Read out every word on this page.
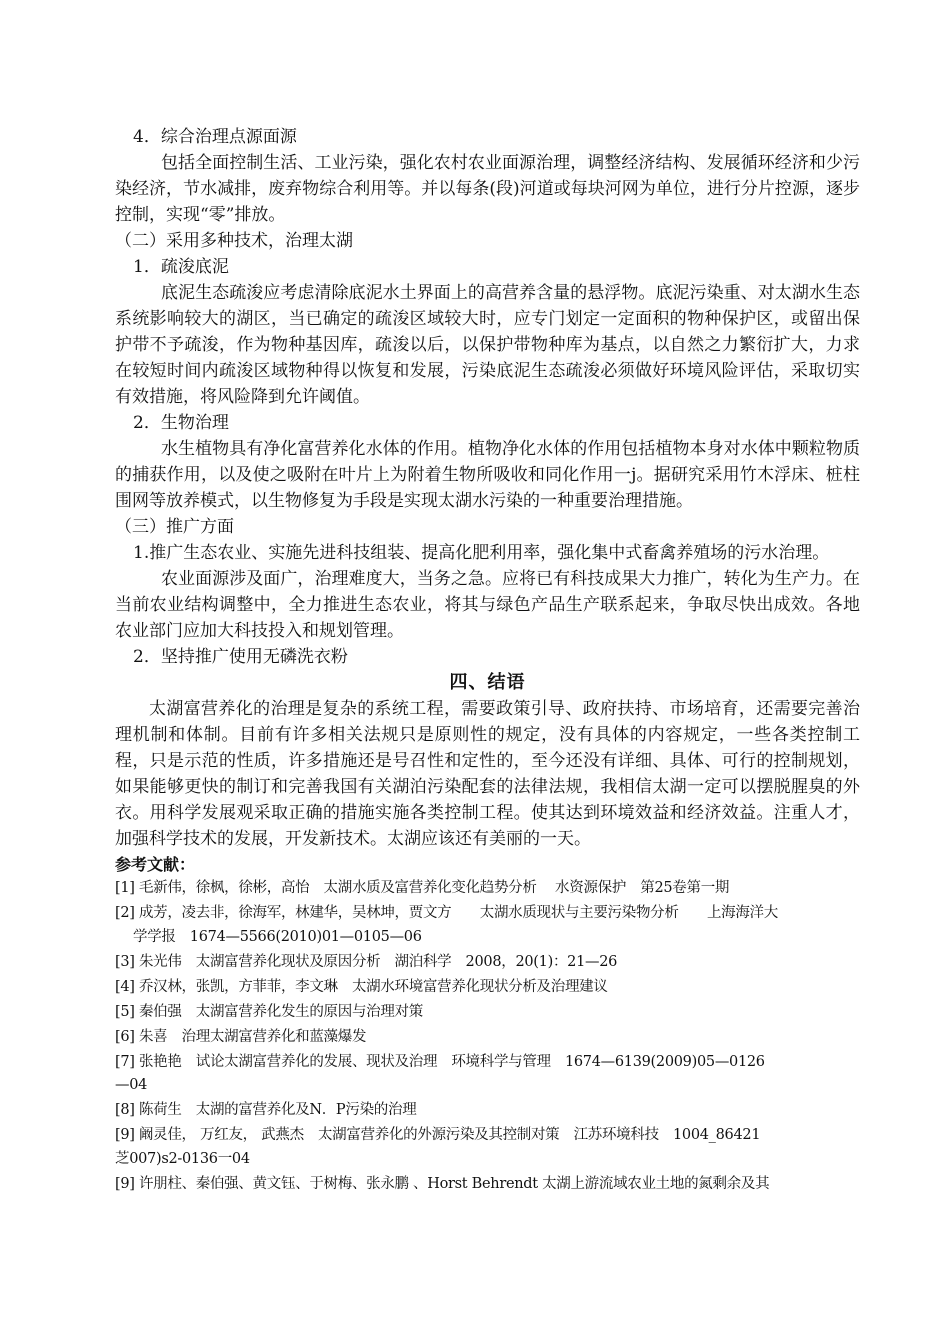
4．综合治理点源面源
包括全面控制生活、工业污染，强化农村农业面源治理，调整经济结构、发展循环经济和少污染经济，节水减排，废弃物综合利用等。并以每条(段)河道或每块河网为单位，进行分片控源，逐步控制，实现“零”排放。
（二）采用多种技术，治理太湖
1．疏浚底泥
底泥生态疏浚应考虑清除底泥水土界面上的高营养含量的悬浮物。底泥污染重、对太湖水生态系统影响较大的湖区，当已确定的疏浚区域较大时，应专门划定一定面积的物种保护区，或留出保护带不予疏浚，作为物种基因库，疏浚以后，以保护带物种库为基点，以自然之力繁衍扩大，力求在较短时间内疏浚区域物种得以恢复和发展，污染底泥生态疏浚必须做好环境风险评估，采取切实有效措施，将风险降到允许阈值。
2．生物治理
水生植物具有净化富营养化水体的作用。植物净化水体的作用包括植物本身对水体中颗粒物质的捕获作用，以及使之吸附在叶片上为附着生物所吸收和同化作用一j。据研究采用竹木浮床、桩柱围网等放养模式，以生物修复为手段是实现太湖水污染的一种重要治理措施。
（三）推广方面
1.推广生态农业、实施先进科技组装、提高化肥利用率，强化集中式畜禽养殖场的污水治理。
农业面源涉及面广，治理难度大，当务之急。应将已有科技成果大力推广，转化为生产力。在当前农业结构调整中，全力推进生态农业，将其与绿色产品生产联系起来，争取尽快出成效。各地农业部门应加大科技投入和规划管理。
2．坚持推广使用无磷洗衣粉
四、结语
太湖富营养化的治理是复杂的系统工程，需要政策引导、政府扶持、市场培育，还需要完善治理机制和体制。目前有许多相关法规只是原则性的规定，没有具体的内容规定，一些各类控制工程，只是示范的性质，许多措施还是号召性和定性的，至今还没有详细、具体、可行的控制规划，如果能够更快的制订和完善我国有关湖泊污染配套的法律法规，我相信太湖一定可以摆脱腥臭的外衣。用科学发展观采取正确的措施实施各类控制工程。使其达到环境效益和经济效益。注重人才，加强科学技术的发展，开发新技术。太湖应该还有美丽的一天。
参考文献：
[1] 毛新伟，徐枫，徐彬，高怡　太湖水质及富营养化变化趋势分析　 水资源保护　第25卷第一期
[2] 成芳，凌去非，徐海军，林建华，吴林坤，贾文方　　太湖水质现状与主要污染物分析　　上海海洋大
学学报　1674—5566(2010)01—0105—06
[3] 朱光伟　太湖富营养化现状及原因分析　湖泊科学　2008，20(1)：21—26
[4] 乔汉林，张凯，方菲菲，李文琳　太湖水环境富营养化现状分析及治理建议
[5] 秦伯强　太湖富营养化发生的原因与治理对策
[6] 朱喜　治理太湖富营养化和蓝藻爆发
[7] 张艳艳　试论太湖富营养化的发展、现状及治理　环境科学与管理　1674—6139(2009)05—0126
—04
[8] 陈荷生　太湖的富营养化及N．P污染的治理
[9] 阚灵佳， 万红友， 武燕杰　太湖富营养化的外源污染及其控制对策　江苏环境科技　1004_86421
芝007)s2-0136一04
[9] 许朋柱、秦伯强、黄文钰、于树梅、张永鹏 、Horst Behrendt 太湖上游流域农业土地的氮剩余及其
